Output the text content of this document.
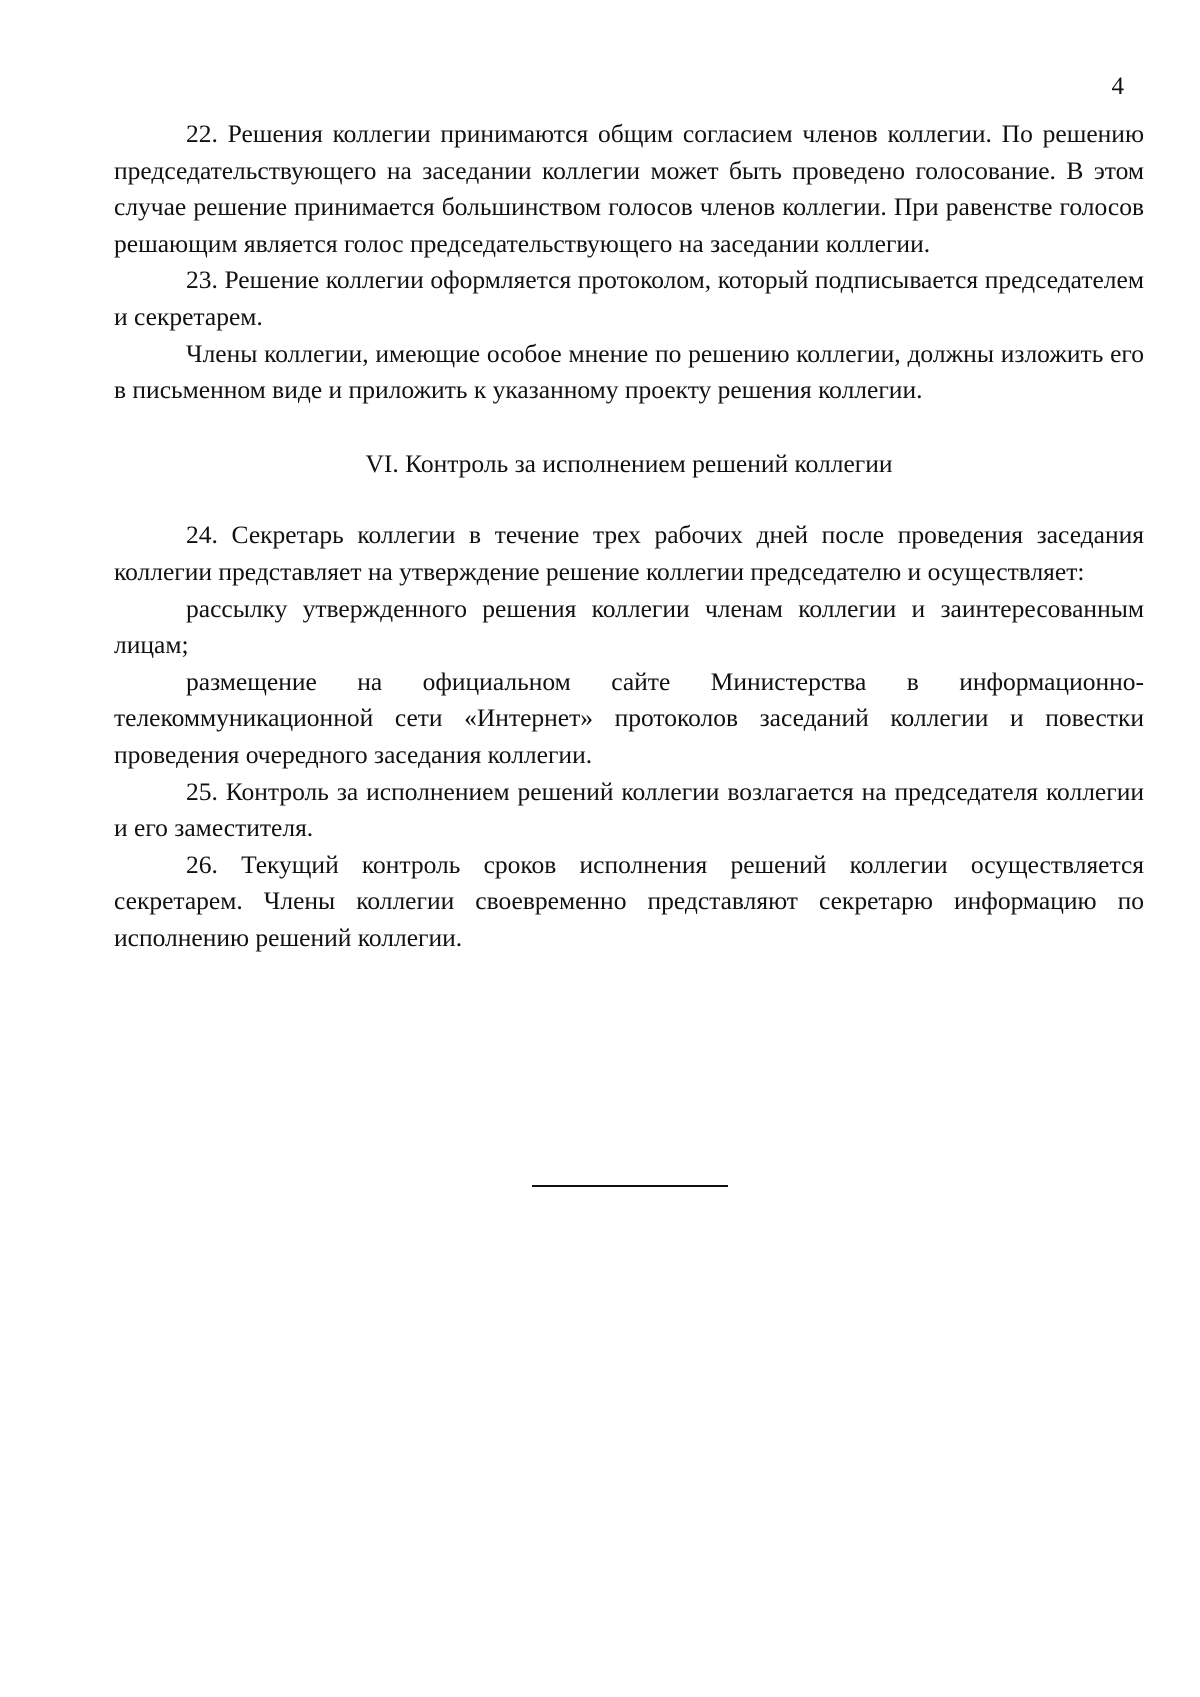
4

22. Решения коллегии принимаются общим согласием членов коллегии. По решению председательствующего на заседании коллегии может быть проведено голосование. В этом случае решение принимается большинством голосов членов коллегии. При равенстве голосов решающим является голос председательствующего на заседании коллегии.

23. Решение коллегии оформляется протоколом, который подписывается председателем и секретарем.

Члены коллегии, имеющие особое мнение по решению коллегии, должны изложить его в письменном виде и приложить к указанному проекту решения коллегии.

VI. Контроль за исполнением решений коллегии

24. Секретарь коллегии в течение трех рабочих дней после проведения заседания коллегии представляет на утверждение решение коллегии председателю и осуществляет:

рассылку утвержденного решения коллегии членам коллегии и заинтересованным лицам;

размещение на официальном сайте Министерства в информационно-телекоммуникационной сети «Интернет» протоколов заседаний коллегии и повестки проведения очередного заседания коллегии.

25. Контроль за исполнением решений коллегии возлагается на председателя коллегии и его заместителя.

26. Текущий контроль сроков исполнения решений коллегии осуществляется секретарем. Члены коллегии своевременно представляют секретарю информацию по исполнению решений коллегии.
